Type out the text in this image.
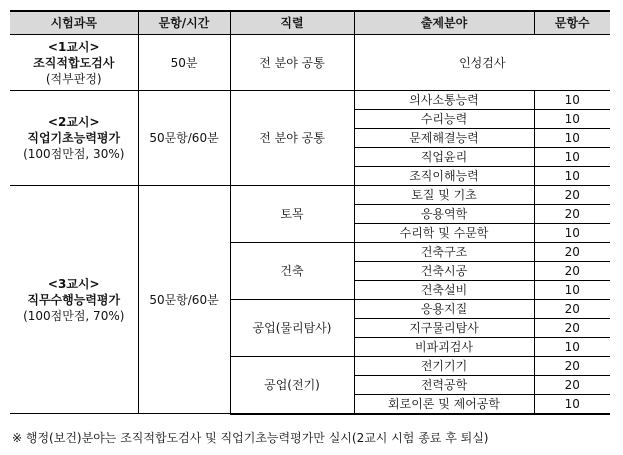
시험과목	문항/시간	직렬	출제분야	문항수

<1교시>
조직적합도검사
(적부판정)	50분	전 분야 공통	인성검사	

<2교시>
직업기초능력평가
(100점만점, 30%)	50문항/60분	전 분야 공통	의사소통능력	10
			수리능력	10
			문제해결능력	10
			직업윤리	10
			조직이해능력	10

<3교시>
직무수행능력평가
(100점만점, 70%)	50문항/60분	토목	토질 및 기초	20
			응용역학	20
			수리학 및 수문학	10
		건축	건축구조	20
			건축시공	20
			건축설비	10
		공업(물리탐사)	응용지질	20
			지구물리탐사	20
			비파괴검사	10
		공업(전기)	전기기기	20
			전력공학	20
			회로이론 및 제어공학	10
※ 행정(보건)분야는 조직적합도검사 및 직업기초능력평가만 실시(2교시 시험 종료 후 퇴실)
